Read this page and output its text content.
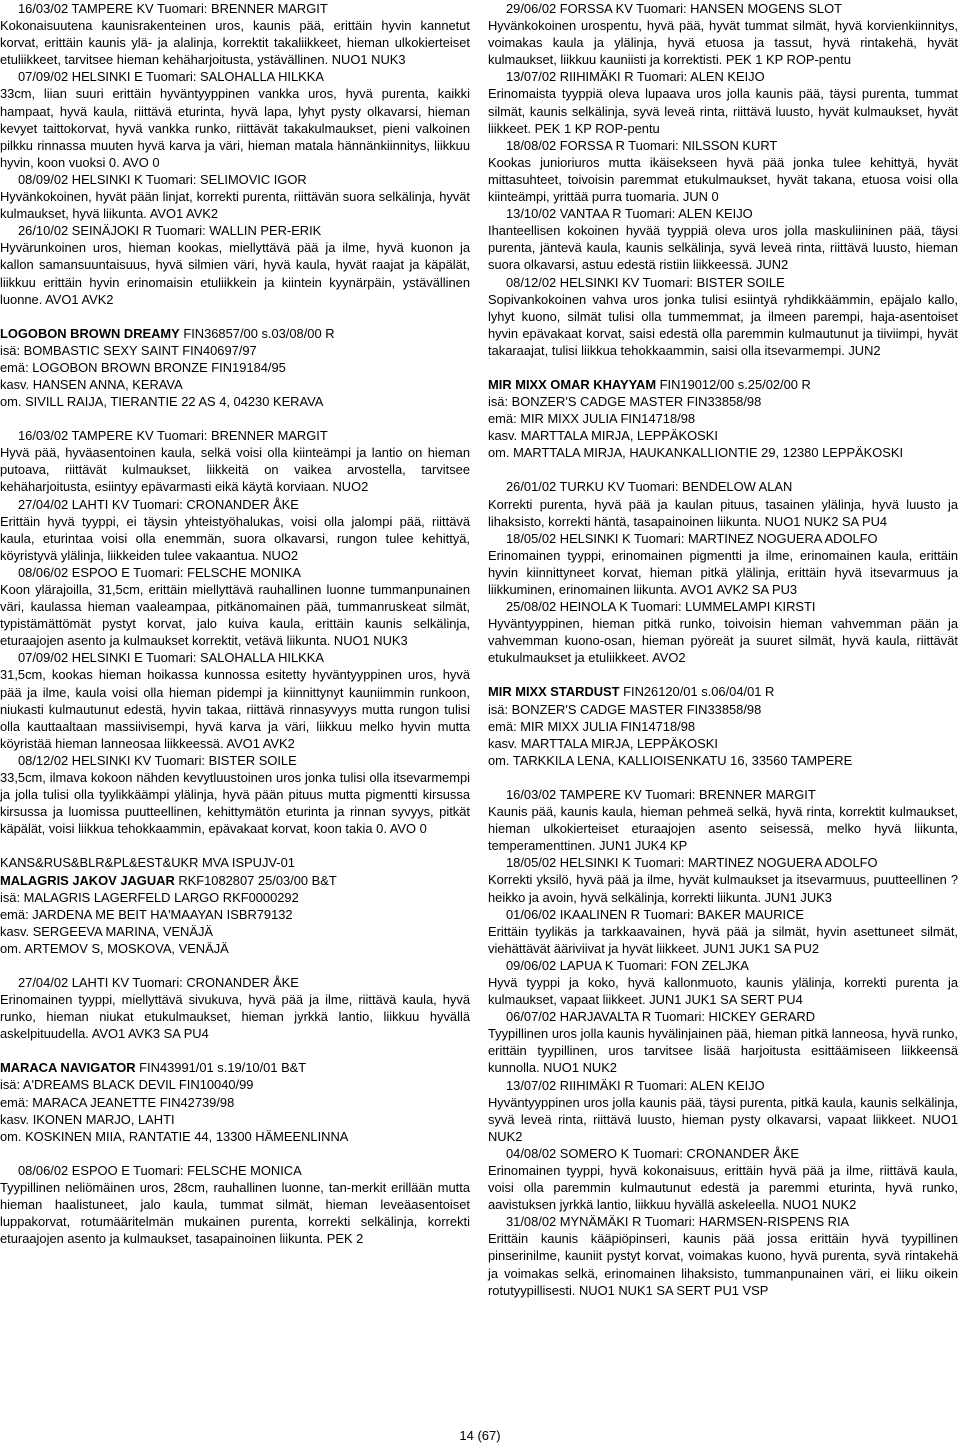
16/03/02 TAMPERE KV Tuomari: BRENNER MARGIT

Kokonaisuutena kaunisrakenteinen uros, kaunis pää, erittäin hyvin kannetut korvat, erittäin kaunis ylä- ja alalinja, korrektit takaliikkeet, hieman ulkokierteiset etuliikkeet, tarvitsee hieman kehäharjoitusta, ystävällinen. NUO1 NUK3

07/09/02 HELSINKI E Tuomari: SALOHALLA HILKKA

33cm, liian suuri erittäin hyväntyyppinen vankka uros, hyvä purenta, kaikki hampaat, hyvä kaula, riittävä eturinta, hyvä lapa, lyhyt pysty olkavarsi, hieman kevyet taittokorvat, hyvä vankka runko, riittävät takakulmaukset, pieni valkoinen pilkku rinnassa muuten hyvä karva ja väri, hieman matala hännänkiinnitys, liikkuu hyvin, koon vuoksi 0. AVO 0

08/09/02 HELSINKI K Tuomari: SELIMOVIC IGOR

Hyvänkokoinen, hyvät pään linjat, korrekti purenta, riittävän suora selkälinja, hyvät kulmaukset, hyvä liikunta. AVO1 AVK2

26/10/02 SEINÄJOKI R Tuomari: WALLIN PER-ERIK

Hyvärunkoinen uros, hieman kookas, miellyttävä pää ja ilme, hyvä kuonon ja kallon samansuuntaisuus, hyvä silmien väri, hyvä kaula, hyvät raajat ja käpälät, liikkuu erittäin hyvin erinomaisin etuliikkein ja kiintein kyynärpäin, ystävällinen luonne. AVO1 AVK2

LOGOBON BROWN DREAMY FIN36857/00 s.03/08/00 R

isä: BOMBASTIC SEXY SAINT FIN40697/97

emä: LOGOBON BROWN BRONZE FIN19184/95

kasv. HANSEN ANNA, KERAVA

om. SIVILL RAIJA, TIERANTIE 22 AS 4, 04230 KERAVA

16/03/02 TAMPERE KV Tuomari: BRENNER MARGIT

Hyvä pää, hyväasentoinen kaula, selkä voisi olla kiinteämpi ja lantio on hieman putoava, riittävät kulmaukset, liikkeitä on vaikea arvostella, tarvitsee kehäharjoitusta, esiintyy epävarmasti eikä käytä korviaan. NUO2

27/04/02 LAHTI KV Tuomari: CRONANDER ÅKE

Erittäin hyvä tyyppi, ei täysin yhteistyöhalukas, voisi olla jalompi pää, riittävä kaula, eturintaa voisi olla enemmän, suora olkavarsi, rungon tulee kehittyä, köyristyvä ylälinja, liikkeiden tulee vakaantua. NUO2

08/06/02 ESPOO E Tuomari: FELSCHE MONIKA

Koon ylärajoilla, 31,5cm, erittäin miellyttävä rauhallinen luonne tummanpunainen väri, kaulassa hieman vaaleampaa, pitkänomainen pää, tummanruskeat silmät, typistämättömät pystyt korvat, jalo kuiva kaula, erittäin kaunis selkälinja, eturaajojen asento ja kulmaukset korrektit, vetävä liikunta. NUO1 NUK3

07/09/02 HELSINKI E Tuomari: SALOHALLA HILKKA

31,5cm, kookas hieman hoikassa kunnossa esitetty hyväntyyppinen uros, hyvä pää ja ilme, kaula voisi olla hieman pidempi ja kiinnittynyt kauniimmin runkoon, niukasti kulmautunut edestä, hyvin takaa, riittävä rinnasyvyys mutta rungon tulisi olla kauttaaltaan massiivisempi, hyvä karva ja väri, liikkuu melko hyvin mutta köyristää hieman lanneosaa liikkeessä. AVO1 AVK2

08/12/02 HELSINKI KV Tuomari: BISTER SOILE

33,5cm, ilmava kokoon nähden kevytluustoinen uros jonka tulisi olla itsevarmempi ja jolla tulisi olla tyylikkäämpi ylälinja, hyvä pään pituus mutta pigmentti kirsussa kirsussa ja luomissa puutteellinen, kehittymätön eturinta ja rinnan syvyys, pitkät käpälät, voisi liikkua tehokkaammin, epävakaat korvat, koon takia 0. AVO 0

KANS&RUS&BLR&PL&EST&UKR MVA ISPUJV-01

MALAGRIS JAKOV JAGUAR RKF1082807 25/03/00 B&T

isä: MALAGRIS LAGERFELD LARGO RKF0000292

emä: JARDENA ME BEIT HA'MAAYAN ISBR79132

kasv. SERGEEVA MARINA, VENÄJÄ

om. ARTEMOV S, MOSKOVA, VENÄJÄ

27/04/02 LAHTI KV Tuomari: CRONANDER ÅKE

Erinomainen tyyppi, miellyttävä sivukuva, hyvä pää ja ilme, riittävä kaula, hyvä runko, hieman niukat etukulmaukset, hieman jyrkkä lantio, liikkuu hyvällä askelpituudella. AVO1 AVK3 SA PU4

MARACA NAVIGATOR FIN43991/01 s.19/10/01 B&T

isä: A'DREAMS BLACK DEVIL FIN10040/99

emä: MARACA JEANETTE FIN42739/98

kasv. IKONEN MARJO, LAHTI

om. KOSKINEN MIIA, RANTATIE 44, 13300 HÄMEENLINNA

08/06/02 ESPOO E Tuomari: FELSCHE MONICA

Tyypillinen neliömäinen uros, 28cm, rauhallinen luonne, tan-merkit erillään mutta hieman haalistuneet, jalo kaula, tummat silmät, hieman leveäasentoiset luppakorvat, rotumääritelmän mukainen purenta, korrekti selkälinja, korrekti eturaajojen asento ja kulmaukset, tasapainoinen liikunta. PEK 2

29/06/02 FORSSA KV Tuomari: HANSEN MOGENS SLOT

Hyvänkokoinen urospentu, hyvä pää, hyvät tummat silmät, hyvä korvienkiinnitys, voimakas kaula ja ylälinja, hyvä etuosa ja tassut, hyvä rintakehä, hyvät kulmaukset, liikkuu kauniisti ja korrektisti. PEK 1 KP ROP-pentu

13/07/02 RIIHIMÄKI R Tuomari: ALEN KEIJO

Erinomaista tyyppiä oleva lupaava uros jolla kaunis pää, täysi purenta, tummat silmät, kaunis selkälinja, syvä leveä rinta, riittävä luusto, hyvät kulmaukset, hyvät liikkeet. PEK 1 KP ROP-pentu

18/08/02 FORSSA R Tuomari: NILSSON KURT

Kookas junioriuros mutta ikäisekseen hyvä pää jonka tulee kehittyä, hyvät mittasuhteet, toivoisin paremmat etukulmaukset, hyvät takana, etuosa voisi olla kiinteämpi, yrittää purra tuomaria. JUN 0

13/10/02 VANTAA R Tuomari: ALEN KEIJO

Ihanteellisen kokoinen hyvää tyyppiä oleva uros jolla maskuliininen pää, täysi purenta, jäntevä kaula, kaunis selkälinja, syvä leveä rinta, riittävä luusto, hieman suora olkavarsi, astuu edestä ristiin liikkeessä. JUN2

08/12/02 HELSINKI KV Tuomari: BISTER SOILE

Sopivankokoinen vahva uros jonka tulisi esiintyä ryhdikkäämmin, epäjalo kallo, lyhyt kuono, silmät tulisi olla tummemmat, ja ilmeen parempi, haja-asentoiset hyvin epävakaat korvat, saisi edestä olla paremmin kulmautunut ja tiiviimpi, hyvät takaraajat, tulisi liikkua tehokkaammin, saisi olla itsevarmempi. JUN2

MIR MIXX OMAR KHAYYAM FIN19012/00 s.25/02/00 R

isä: BONZER'S CADGE MASTER FIN33858/98

emä: MIR MIXX JULIA FIN14718/98

kasv. MARTTALA MIRJA, LEPPÄKOSKI

om. MARTTALA MIRJA, HAUKANKALLIONTIE 29, 12380 LEPPÄKOSKI

26/01/02 TURKU KV Tuomari: BENDELOW ALAN

Korrekti purenta, hyvä pää ja kaulan pituus, tasainen ylälinja, hyvä luusto ja lihaksisto, korrekti häntä, tasapainoinen liikunta. NUO1 NUK2 SA PU4

18/05/02 HELSINKI K Tuomari: MARTINEZ NOGUERA ADOLFO

Erinomainen tyyppi, erinomainen pigmentti ja ilme, erinomainen kaula, erittäin hyvin kiinnittyneet korvat, hieman pitkä ylälinja, erittäin hyvä itsevarmuus ja liikkuminen, erinomainen liikunta. AVO1 AVK2 SA PU3

25/08/02 HEINOLA K Tuomari: LUMMELAMPI KIRSTI

Hyväntyyppinen, hieman pitkä runko, toivoisin hieman vahvemman pään ja vahvemman kuono-osan, hieman pyöreät ja suuret silmät, hyvä kaula, riittävät etukulmaukset ja etuliikkeet. AVO2

MIR MIXX STARDUST FIN26120/01 s.06/04/01 R

isä: BONZER'S CADGE MASTER FIN33858/98

emä: MIR MIXX JULIA FIN14718/98

kasv. MARTTALA MIRJA, LEPPÄKOSKI

om. TARKKILA LENA, KALLIOISENKATU 16, 33560 TAMPERE

16/03/02 TAMPERE KV Tuomari: BRENNER MARGIT

Kaunis pää, kaunis kaula, hieman pehmeä selkä, hyvä rinta, korrektit kulmaukset, hieman ulkokierteiset eturaajojen asento seisessä, melko hyvä liikunta, temperamenttinen. JUN1 JUK4 KP

18/05/02 HELSINKI K Tuomari: MARTINEZ NOGUERA ADOLFO

Korrekti yksilö, hyvä pää ja ilme, hyvät kulmaukset ja itsevarmuus, puutteellinen ? heikko ja avoin, hyvä selkälinja, korrekti liikunta. JUN1 JUK3

01/06/02 IKAALINEN R Tuomari: BAKER MAURICE

Erittäin tyylikäs ja tarkkaavainen, hyvä pää ja silmät, hyvin asettuneet silmät, viehättävät ääriviivat ja hyvät liikkeet. JUN1 JUK1 SA PU2

09/06/02 LAPUA K Tuomari: FON ZELJKA

Hyvä tyyppi ja koko, hyvä kallonmuoto, kaunis ylälinja, korrekti purenta ja kulmaukset, vapaat liikkeet. JUN1 JUK1 SA SERT PU4

06/07/02 HARJAVALTA R Tuomari: HICKEY GERARD

Tyypillinen uros jolla kaunis hyvälinjainen pää, hieman pitkä lanneosa, hyvä runko, erittäin tyypillinen, uros tarvitsee lisää harjoitusta esittäämiseen liikkeensä kunnolla. NUO1 NUK2

13/07/02 RIIHIMÄKI R Tuomari: ALEN KEIJO

Hyväntyyppinen uros jolla kaunis pää, täysi purenta, pitkä kaula, kaunis selkälinja, syvä leveä rinta, riittävä luusto, hieman pysty olkavarsi, vapaat liikkeet. NUO1 NUK2

04/08/02 SOMERO K Tuomari: CRONANDER ÅKE

Erinomainen tyyppi, hyvä kokonaisuus, erittäin hyvä pää ja ilme, riittävä kaula, voisi olla paremmin kulmautunut edestä ja paremmi eturinta, hyvä runko, aavistuksen jyrkkä lantio, liikkuu hyvällä askeleella. NUO1 NUK2

31/08/02 MYNÄMÄKI R Tuomari: HARMSEN-RISPENS RIA

Erittäin kaunis kääpiöpinseri, kaunis pää jossa erittäin hyvä tyypillinen pinserinilme, kauniit pystyt korvat, voimakas kuono, hyvä purenta, syvä rintakehä ja voimakas selkä, erinomainen lihaksisto, tummanpunainen väri, ei liiku oikein rotutyypillisesti. NUO1 NUK1 SA SERT PU1 VSP

14 (67)
